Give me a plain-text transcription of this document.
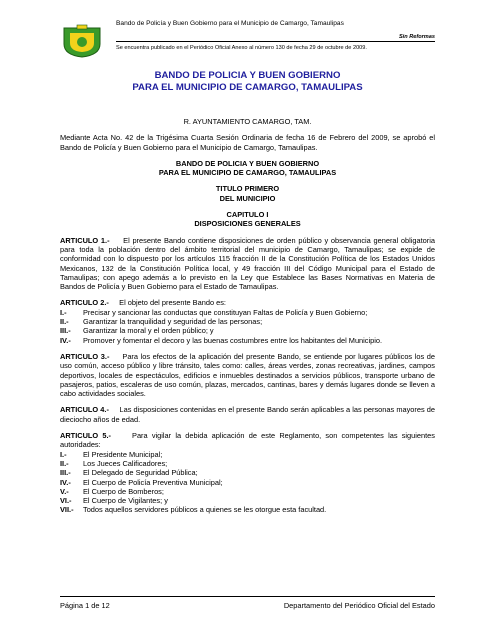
Bando de Policía y Buen Gobierno para el Municipio de Camargo, Tamaulipas
Sin Reformas
Se encuentra publicado en el Periódico Oficial Anexo al número 130 de fecha 29 de octubre de 2009.
BANDO DE POLICIA Y BUEN GOBIERNO
PARA EL MUNICIPIO DE CAMARGO, TAMAULIPAS

R. AYUNTAMIENTO CAMARGO, TAM.

Mediante Acta No. 42 de la Trigésima Cuarta Sesión Ordinaria de fecha 16 de Febrero del 2009, se aprobó el Bando de Policía y Buen Gobierno para el Municipio de Camargo, Tamaulipas.

BANDO DE POLICIA Y BUEN GOBIERNO

PARA EL MUNICIPIO DE CAMARGO, TAMAULIPAS

TITULO PRIMERO

DEL MUNICIPIO

CAPITULO I

DISPOSICIONES GENERALES

ARTICULO 1.- El presente Bando contiene disposiciones de orden público y observancia general obligatoria para toda la población dentro del ámbito territorial del municipio de Camargo, Tamaulipas; se expide de conformidad con lo dispuesto por los artículos 115 fracción II de la Constitución Política de los Estados Unidos Mexicanos, 132 de la Constitución Política local, y 49 fracción III del Código Municipal para el Estado de Tamaulipas; con apego además a lo previsto en la Ley que Establece las Bases Normativas en Materia de Bandos de Policía y Buen Gobierno para el Estado de Tamaulipas.

ARTICULO 2.- El objeto del presente Bando es:

I.-	Precisar y sancionar las conductas que constituyan Faltas de Policía y Buen Gobierno;
II.-	Garantizar la tranquilidad y seguridad de las personas;
III.-	Garantizar la moral y el orden público; y
IV.-	Promover y fomentar el decoro y las buenas costumbres entre los habitantes del Municipio.

ARTICULO 3.- Para los efectos de la aplicación del presente Bando, se entiende por lugares públicos los de uso común, acceso público y libre tránsito, tales como: calles, áreas verdes, zonas recreativas, jardines, campos deportivos, locales de espectáculos, edificios e inmuebles destinados a servicios públicos, transporte urbano de pasajeros, patios, escaleras de uso común, plazas, mercados, cantinas, bares y demás lugares donde se lleven a cabo actividades sociales.

ARTICULO 4.- Las disposiciones contenidas en el presente Bando serán aplicables a las personas mayores de dieciocho años de edad.

ARTICULO 5.-	Para vigilar la debida aplicación de este Reglamento, son competentes las siguientes autoridades:

I.-	El Presidente Municipal;
II.-	Los Jueces Calificadores;
III.-	El Delegado de Seguridad Pública;
IV.-	El Cuerpo de Policía Preventiva Municipal;
V.-	El Cuerpo de Bomberos;
VI.-	El Cuerpo de Vigilantes; y
VII.-	Todos aquellos servidores públicos a quienes se les otorgue esta facultad.
Página 1 de 12	Departamento del Periódico Oficial del Estado
